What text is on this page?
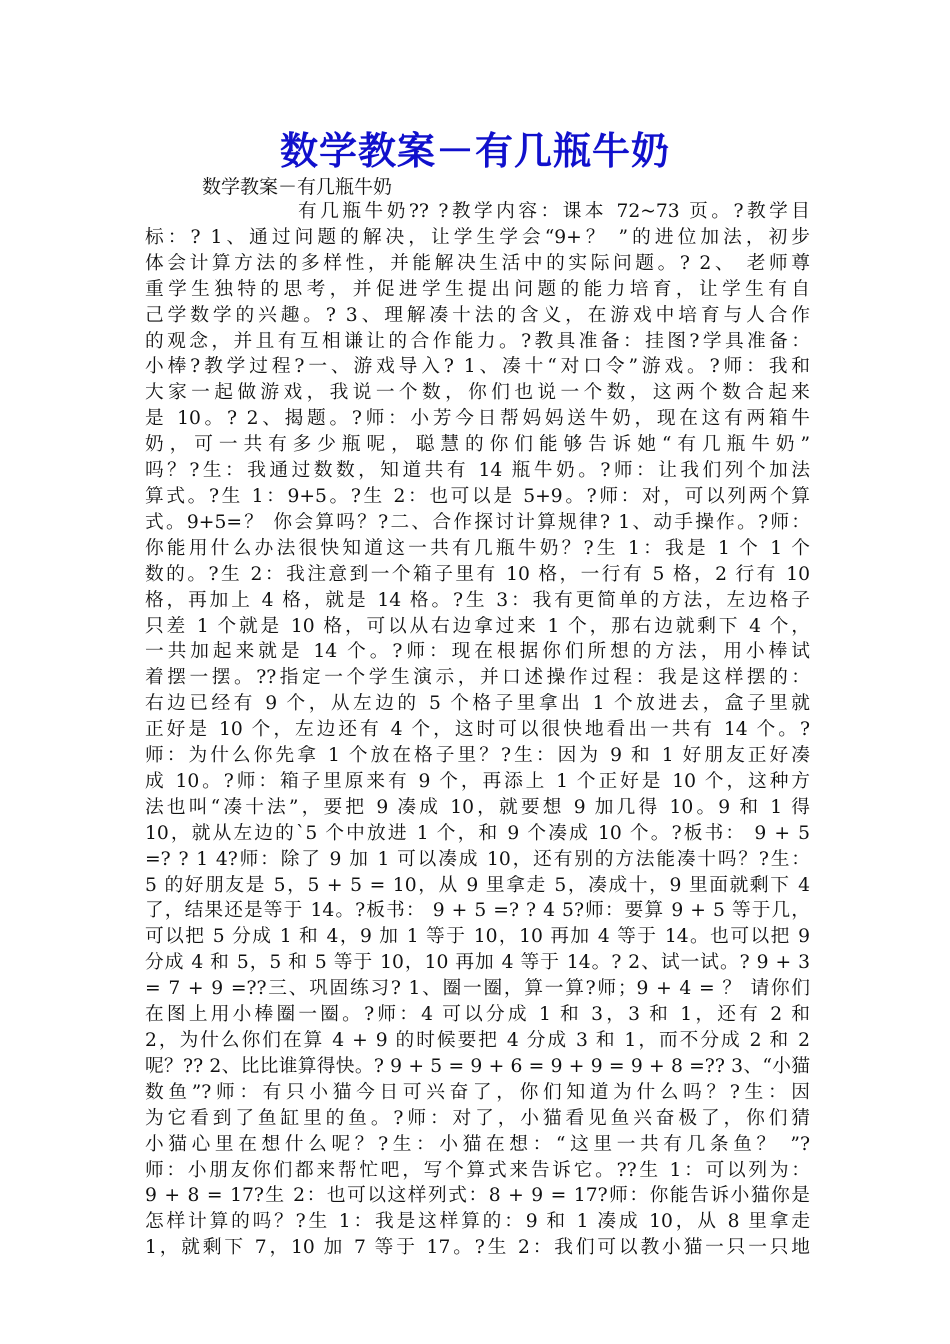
数学教案－有几瓶牛奶
数学教案－有几瓶牛奶
有几瓶牛奶?? ?教学内容：课本 72~73 页。?教学目
标：? 1、通过问题的解决，让学生学会“9+？ ”的进位加法，初步
体会计算方法的多样性，并能解决生活中的实际问题。? 2、 老师尊
重学生独特的思考，并促进学生提出问题的能力培育，让学生有自
己学数学的兴趣。? 3、理解凑十法的含义，在游戏中培育与人合作
的观念，并且有互相谦让的合作能力。?教具准备：挂图?学具准备：
小棒?教学过程?一、游戏导入? 1、凑十“对口令”游戏。?师：我和
大家一起做游戏，我说一个数，你们也说一个数，这两个数合起来
是 10。? 2、揭题。?师：小芳今日帮妈妈送牛奶，现在这有两箱牛
奶，可一共有多少瓶呢，聪慧的你们能够告诉她“有几瓶牛奶”
吗？?生：我通过数数，知道共有 14 瓶牛奶。?师：让我们列个加法
算式。?生 1：9+5。?生 2：也可以是 5+9。?师：对，可以列两个算
式。9+5=？ 你会算吗？?二、合作探讨计算规律? 1、动手操作。?师：
你能用什么办法很快知道这一共有几瓶牛奶？?生 1：我是 1 个 1 个
数的。?生 2：我注意到一个箱子里有 10 格，一行有 5 格，2 行有 10
格，再加上 4 格，就是 14 格。?生 3：我有更简单的方法，左边格子
只差 1 个就是 10 格，可以从右边拿过来 1 个，那右边就剩下 4 个，
一共加起来就是 14 个。?师：现在根据你们所想的方法，用小棒试
着摆一摆。??指定一个学生演示，并口述操作过程：我是这样摆的：
右边已经有 9 个，从左边的 5 个格子里拿出 1 个放进去，盒子里就
正好是 10 个，左边还有 4 个，这时可以很快地看出一共有 14 个。?
师：为什么你先拿 1 个放在格子里？?生：因为 9 和 1 好朋友正好凑
成 10。?师：箱子里原来有 9 个，再添上 1 个正好是 10 个，这种方
法也叫“凑十法”，要把 9 凑成 10，就要想 9 加几得 10。9 和 1 得
10，就从左边的`5 个中放进 1 个，和 9 个凑成 10 个。?板书： 9 + 5
=? ? 1 4?师：除了 9 加 1 可以凑成 10，还有别的方法能凑十吗？?生：
5 的好朋友是 5，5 + 5 = 10，从 9 里拿走 5，凑成十，9 里面就剩下 4
了，结果还是等于 14。?板书： 9 + 5 =? ? 4 5?师：要算 9 + 5 等于几，
可以把 5 分成 1 和 4，9 加 1 等于 10，10 再加 4 等于 14。也可以把 9
分成 4 和 5，5 和 5 等于 10，10 再加 4 等于 14。? 2、试一试。? 9 + 3
= 7 + 9 =??三、巩固练习? 1、圈一圈，算一算?师；9 + 4 = ？ 请你们
在图上用小棒圈一圈。?师：4 可以分成 1 和 3，3 和 1，还有 2 和
2，为什么你们在算 4 + 9 的时候要把 4 分成 3 和 1，而不分成 2 和 2
呢？?? 2、比比谁算得快。? 9 + 5 = 9 + 6 = 9 + 9 = 9 + 8 =?? 3、“小猫
数鱼”?师：有只小猫今日可兴奋了，你们知道为什么吗？?生：因
为它看到了鱼缸里的鱼。?师：对了，小猫看见鱼兴奋极了，你们猜
小猫心里在想什么呢？?生：小猫在想：“这里一共有几条鱼？ ”?
师：小朋友你们都来帮忙吧，写个算式来告诉它。??生 1：可以列为：
9 + 8 = 17?生 2：也可以这样列式：8 + 9 = 17?师：你能告诉小猫你是
怎样计算的吗？?生 1：我是这样算的：9 和 1 凑成 10，从 8 里拿走
1，就剩下 7，10 加 7 等于 17。?生 2：我们可以教小猫一只一只地
